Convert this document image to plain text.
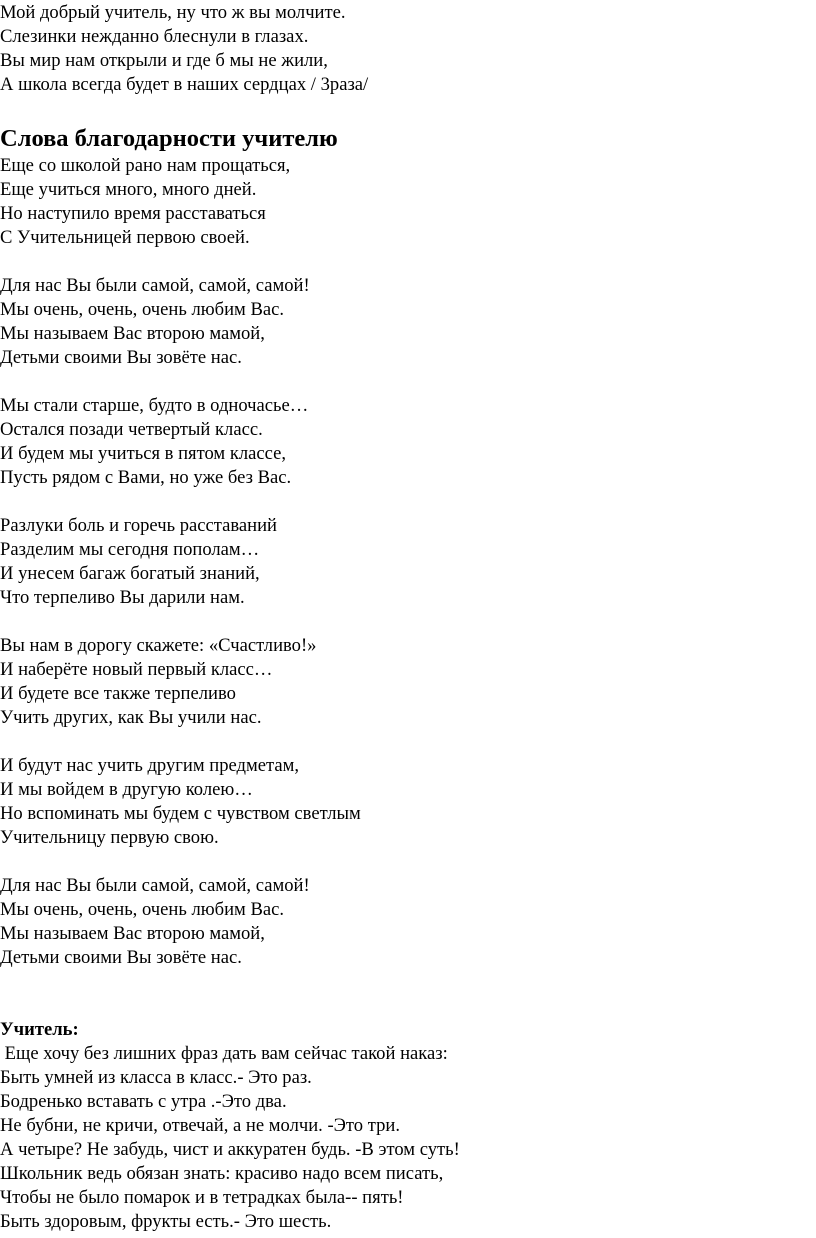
Мой добрый учитель, ну что ж вы молчите.
Слезинки нежданно блеснули в глазах.
Вы мир нам открыли и где б мы не жили,
А школа всегда будет в наших сердцах / 3раза/
Слова благодарности учителю
Еще со школой рано нам прощаться,
Еще учиться много, много дней.
Но наступило время расставаться
С Учительницей первою своей.
Для нас Вы были самой, самой, самой!
Мы очень, очень, очень любим Вас.
Мы называем Вас второю мамой,
Детьми своими Вы зовёте нас.
Мы стали старше, будто в одночасье…
Остался позади четвертый класс.
И будем мы учиться в пятом классе,
Пусть рядом с Вами, но уже без Вас.
Разлуки боль и горечь расставаний
Разделим мы сегодня пополам…
И унесем багаж богатый знаний,
Что терпеливо Вы дарили нам.
Вы нам в дорогу скажете: «Счастливо!»
И наберёте новый первый класс…
И будете все также терпеливо
Учить других, как Вы учили нас.
И будут нас учить другим предметам,
И мы войдем в другую колею…
Но вспоминать мы будем с чувством светлым
Учительницу первую свою.
Для нас Вы были самой, самой, самой!
Мы очень, очень, очень любим Вас.
Мы называем Вас второю мамой,
Детьми своими Вы зовёте нас.
Учитель:
Еще хочу без лишних фраз дать вам сейчас такой наказ:
Быть умней из класса в класс.- Это раз.
Бодренько вставать с утра .-Это два.
Не бубни, не кричи, отвечай, а не молчи. -Это три.
А четыре? Не забудь, чист и аккуратен будь. -В этом суть!
Школьник ведь обязан знать: красиво надо всем писать,
Чтобы не было помарок и в тетрадках была-- пять!
Быть здоровым, фрукты есть.- Это шесть.
